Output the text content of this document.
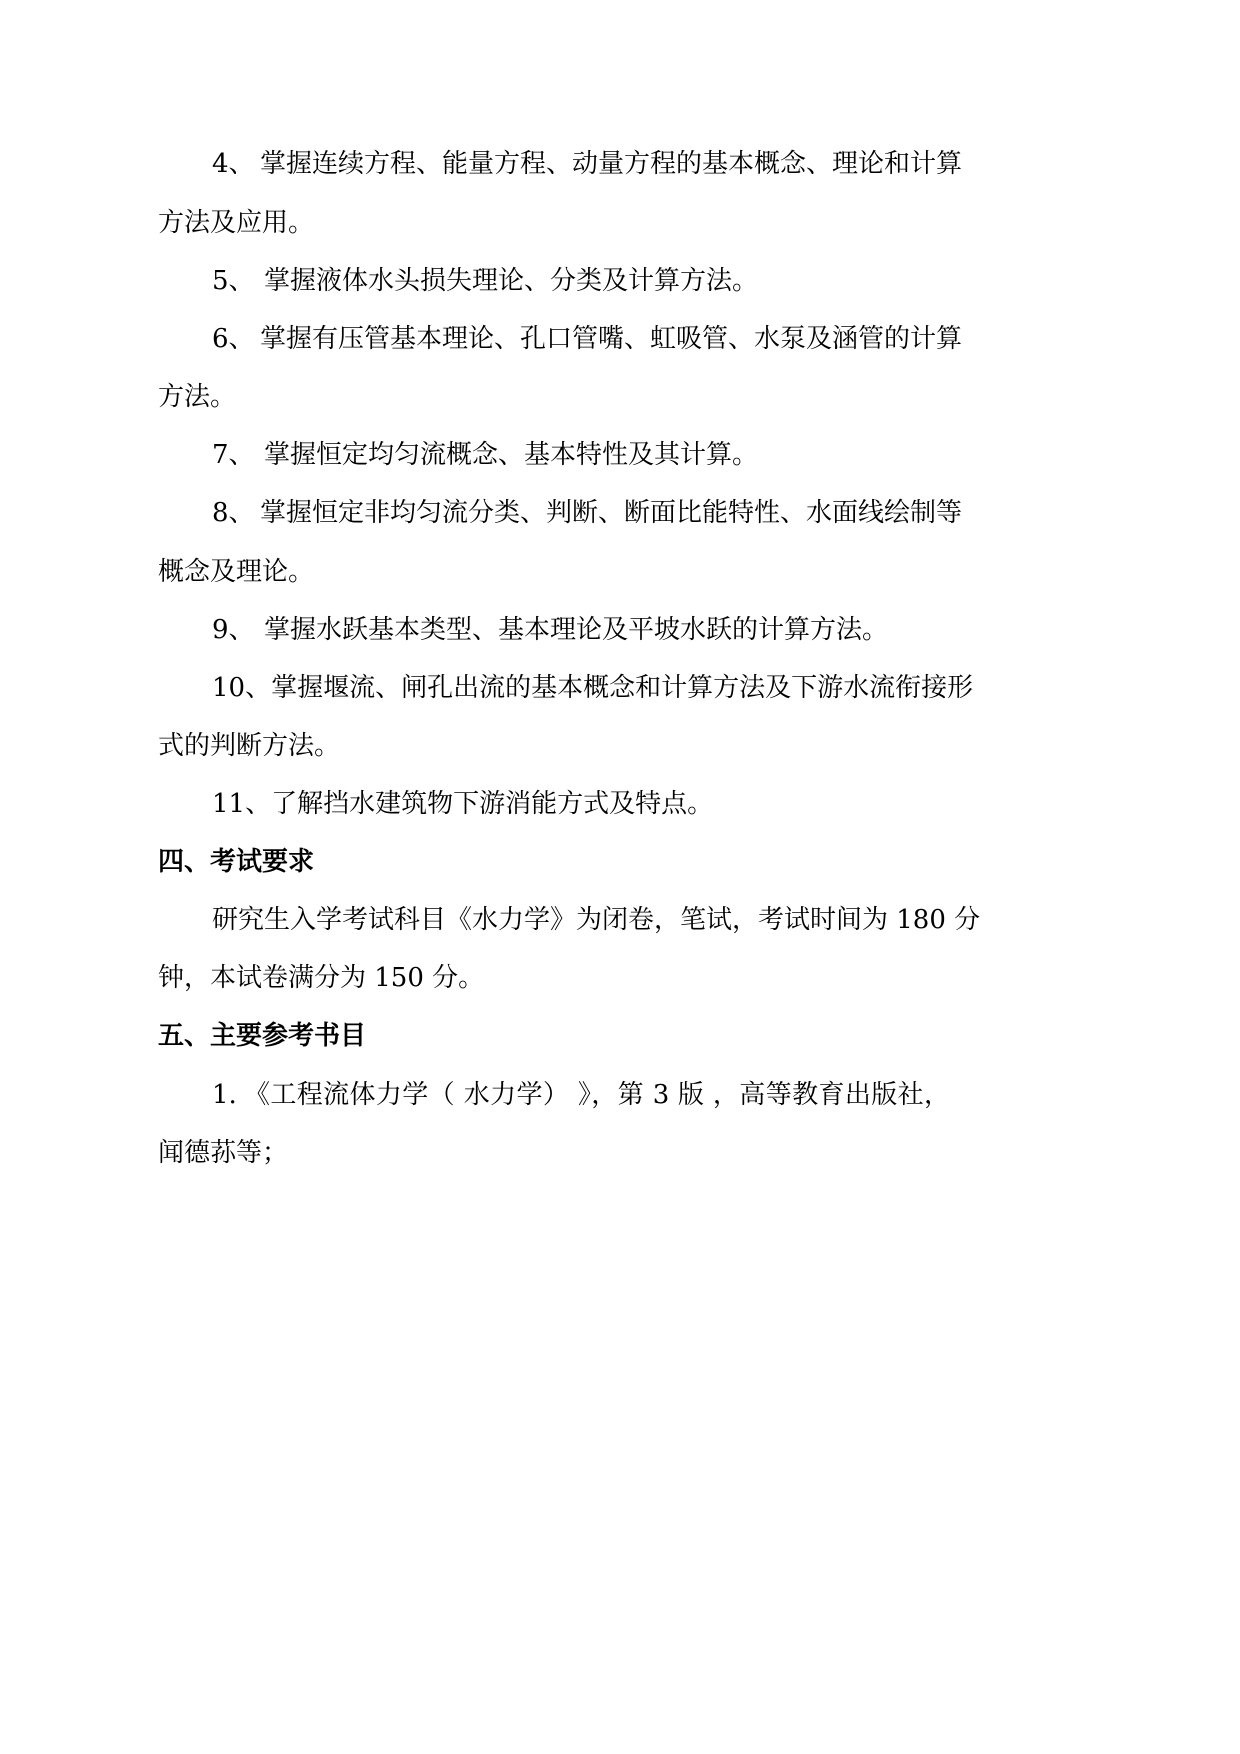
4、 掌握连续方程、能量方程、动量方程的基本概念、理论和计算
方法及应用。
5、 掌握液体水头损失理论、分类及计算方法。
6、 掌握有压管基本理论、孔口管嘴、虹吸管、水泵及涵管的计算
方法。
7、 掌握恒定均匀流概念、基本特性及其计算。
8、 掌握恒定非均匀流分类、判断、断面比能特性、水面线绘制等
概念及理论。
9、 掌握水跃基本类型、基本理论及平坡水跃的计算方法。
10、掌握堰流、闸孔出流的基本概念和计算方法及下游水流衔接形
式的判断方法。
11、了解挡水建筑物下游消能方式及特点。
四、考试要求
研究生入学考试科目《水力学》为闭卷，笔试，考试时间为 180 分
钟，本试卷满分为 150 分。
五、主要参考书目
1. 《工程流体力学（ 水力学） 》，第 3 版 ，高等教育出版社，
闻德荪等；
